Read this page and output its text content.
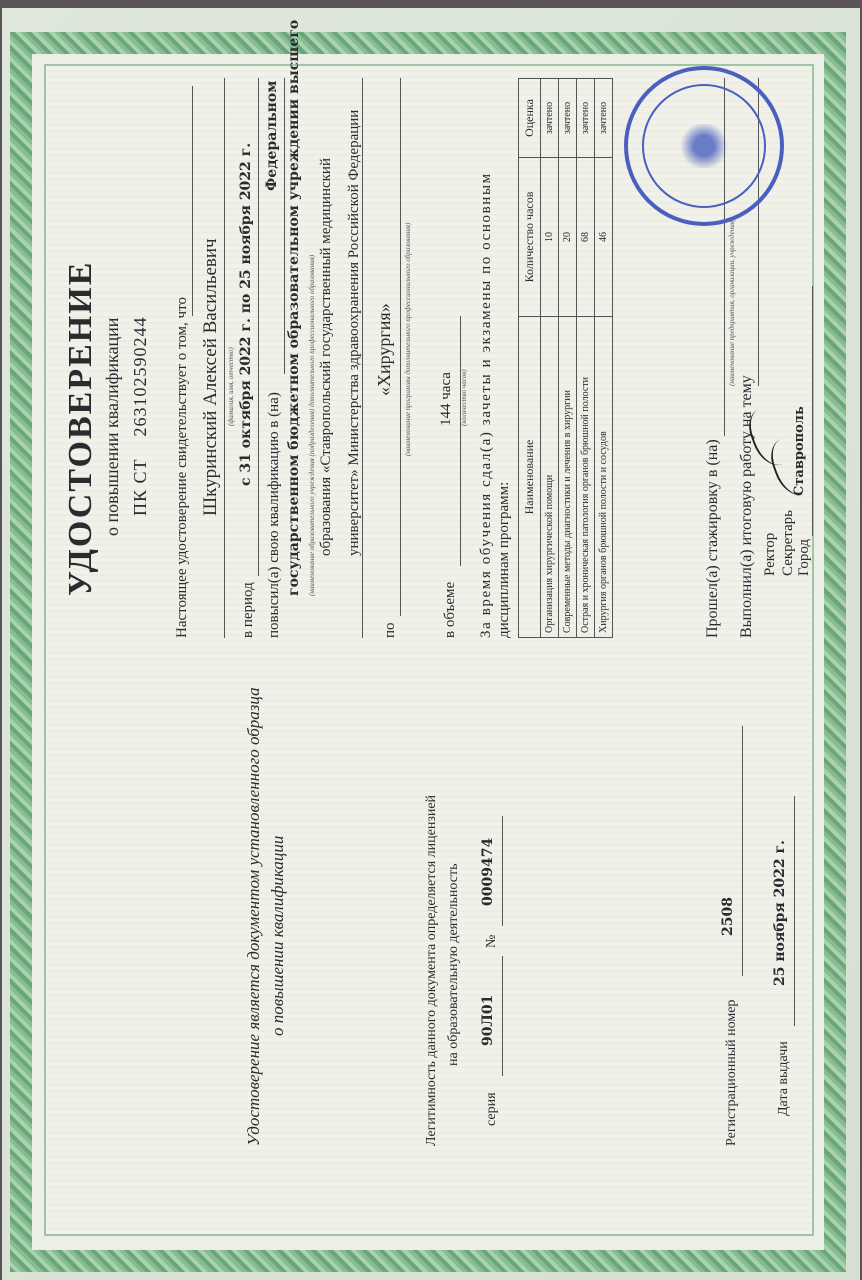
Удостоверение является документом установленного образца о повышении квалификации	Легитимность данного документа определяется лицензией на образовательную деятельность
серия
90Л01
№
0009474
Регистрационный номер
2508
Дата выдачи
25 ноября 2022 г.
УДОСТОВЕРЕНИЕ о повышении квалификации ПК СТ    263102590244 Настоящее удостоверение свидетельствует о том, что Шкуринский Алексей Васильевич (фамилия, имя, отчество)
в период
с 31 октября 2022 г. по 25 ноября 2022 г.
повысил(а) свою квалификацию в (на)
Федеральном государственном бюджетном образовательном учреждении высшего (наименование образовательного учреждения (подразделения) дополнительного профессионального образования) образования «Ставропольский государственный медицинский университет» Министерства здравоохранения Российской Федерации
по
«Хирургия» (наименование программы дополнительного профессионального образования)
в объеме
144 часа (количество часов) За время обучения сдал(а) зачеты и экзамены по основным дисциплинам программ:
Наименование	Количество часов	Оценка
Организация хирургической помощи	10	зачтено
Современные методы диагностики и лечения в хирургии	20	зачтено
Острая и хроническая патология органов брюшной полости	68	зачтено
Хирургия органов брюшной полости и сосудов	46	зачтено
Прошел(а) стажировку в (на)
(наименование предприятия, организации, учреждения)
Выполнил(а) итоговую работу на тему Ректор Секретарь Город
Ставрополь
